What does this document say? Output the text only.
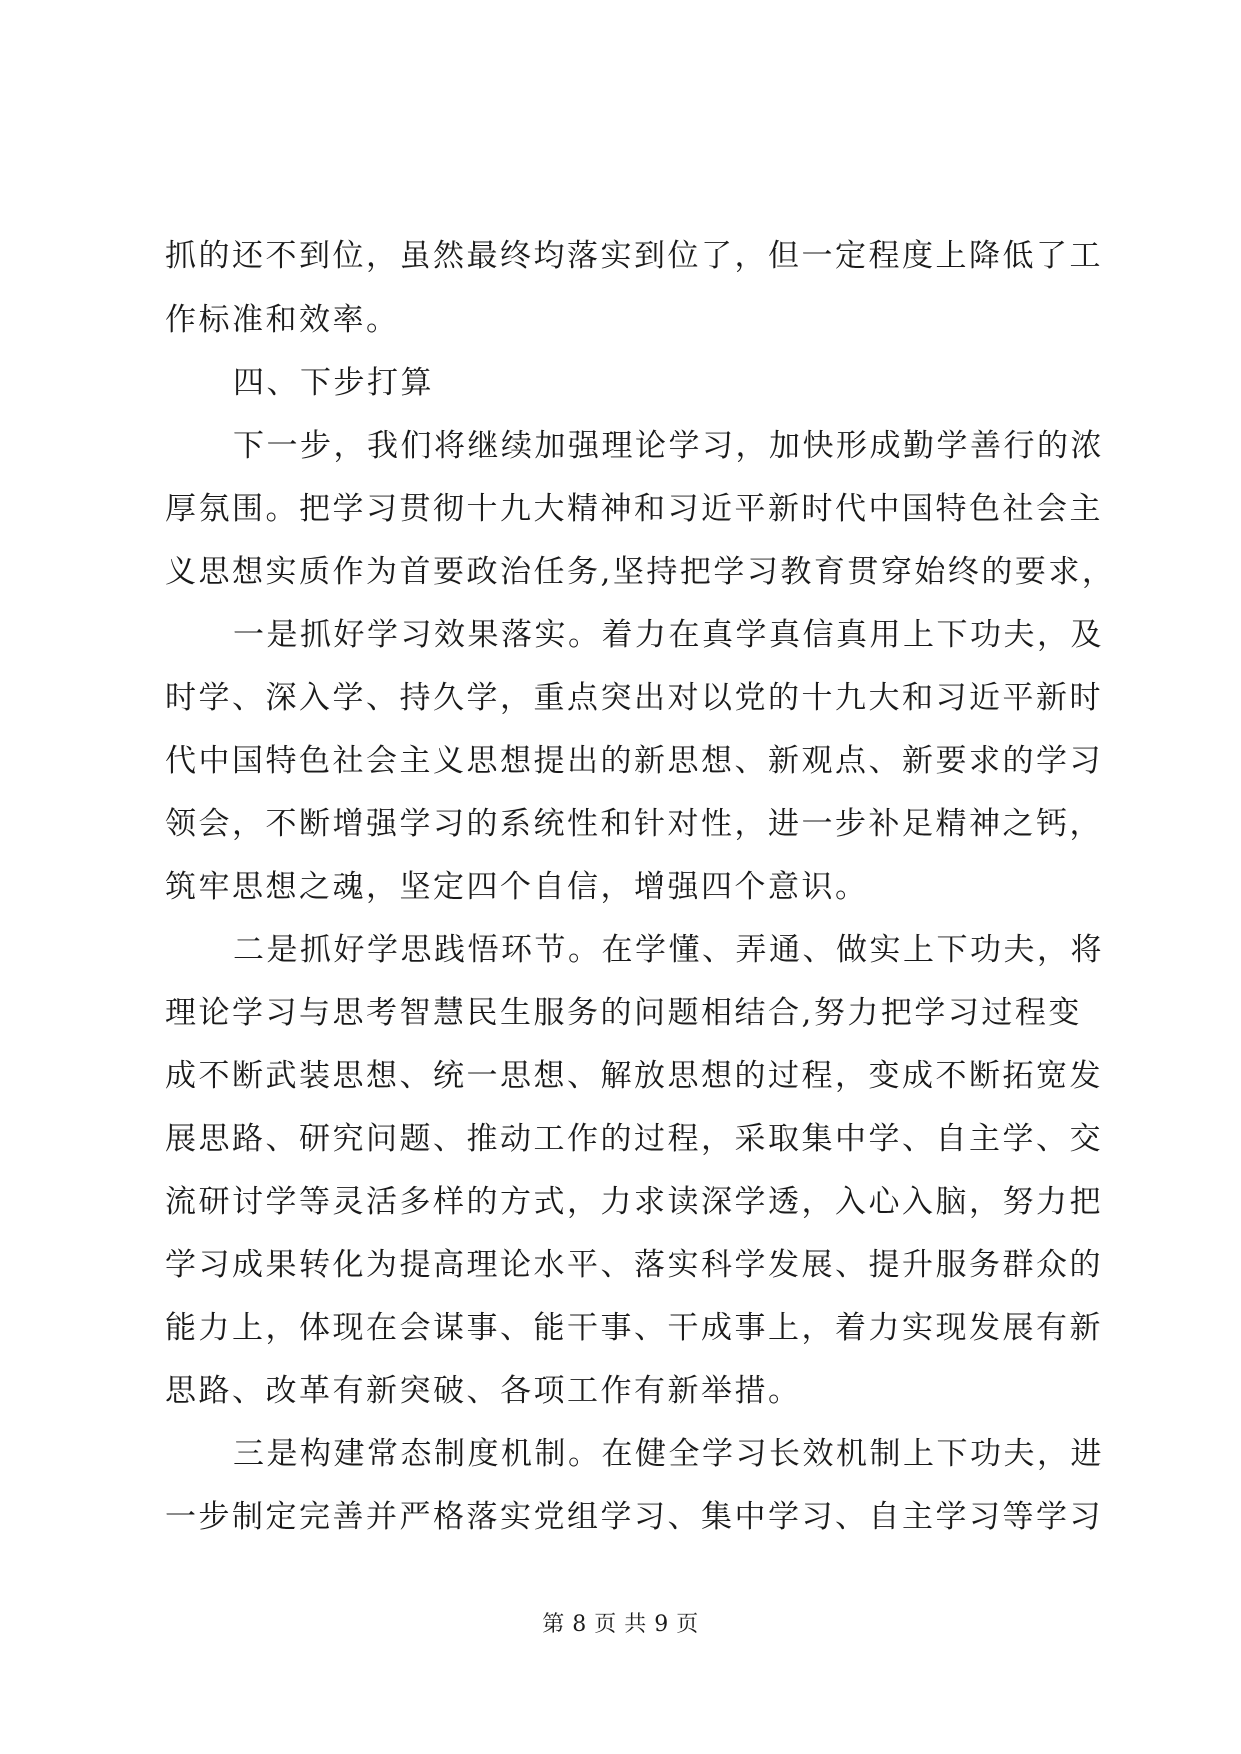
抓的还不到位，虽然最终均落实到位了，但一定程度上降低了工
作标准和效率。
四、下步打算
下一步，我们将继续加强理论学习，加快形成勤学善行的浓
厚氛围。把学习贯彻十九大精神和习近平新时代中国特色社会主
义思想实质作为首要政治任务,坚持把学习教育贯穿始终的要求，
一是抓好学习效果落实。着力在真学真信真用上下功夫，及
时学、深入学、持久学，重点突出对以党的十九大和习近平新时
代中国特色社会主义思想提出的新思想、新观点、新要求的学习
领会，不断增强学习的系统性和针对性，进一步补足精神之钙，
筑牢思想之魂，坚定四个自信，增强四个意识。
二是抓好学思践悟环节。在学懂、弄通、做实上下功夫，将
理论学习与思考智慧民生服务的问题相结合,努力把学习过程变
成不断武装思想、统一思想、解放思想的过程，变成不断拓宽发
展思路、研究问题、推动工作的过程，采取集中学、自主学、交
流研讨学等灵活多样的方式，力求读深学透，入心入脑，努力把
学习成果转化为提高理论水平、落实科学发展、提升服务群众的
能力上，体现在会谋事、能干事、干成事上，着力实现发展有新
思路、改革有新突破、各项工作有新举措。
三是构建常态制度机制。在健全学习长效机制上下功夫，进
一步制定完善并严格落实党组学习、集中学习、自主学习等学习
第 8 页 共 9 页
